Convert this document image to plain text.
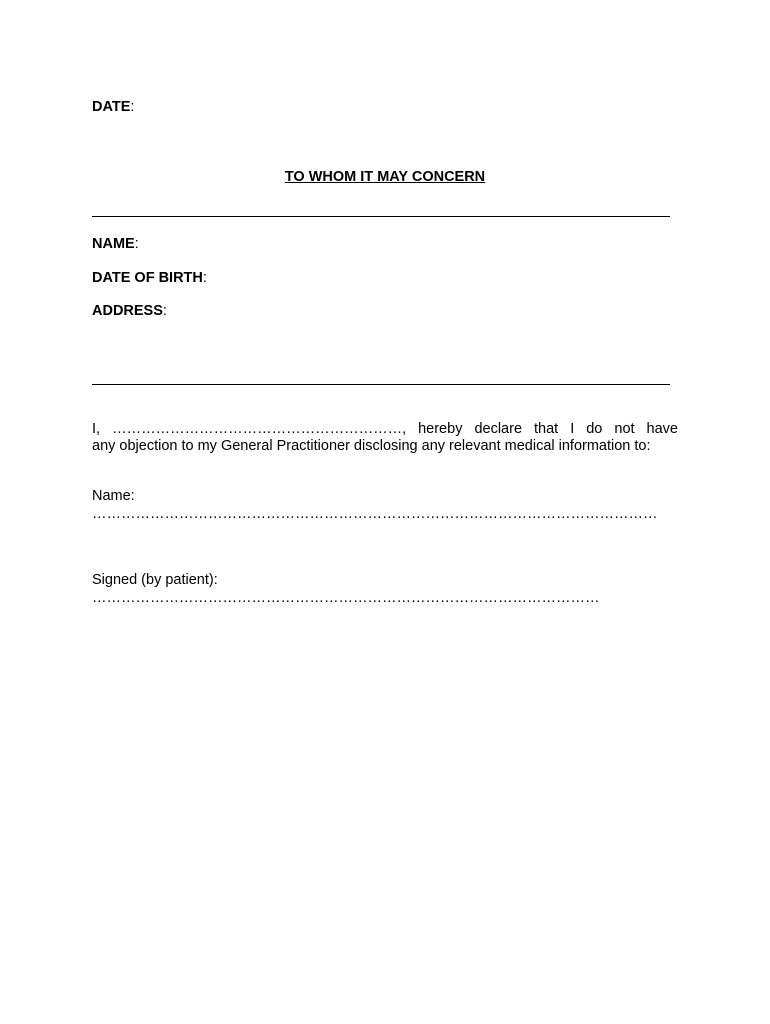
DATE:
TO WHOM IT MAY CONCERN
NAME:
DATE OF BIRTH:
ADDRESS:
I, ……………………………………………………, hereby declare that I do not have
any objection to my General Practitioner disclosing any relevant medical information to:
Name:
………………………………………………………………………………………………………
Signed (by patient):
……………………………………………………………………………………………
